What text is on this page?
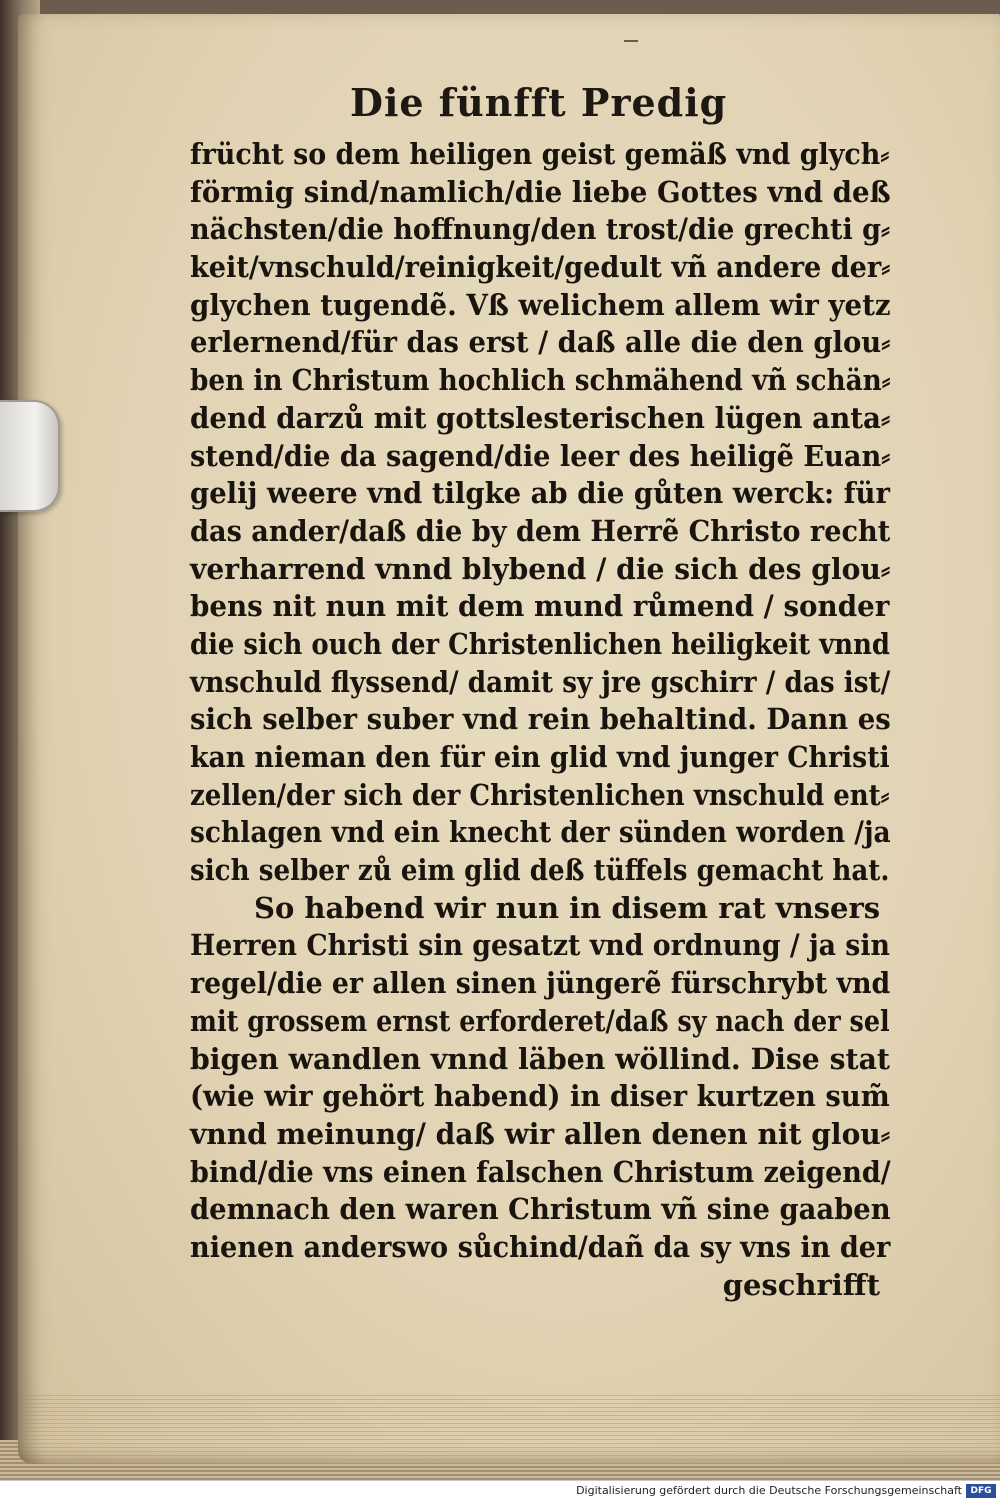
Die fünfft Predig
frücht so dem heiligen geist gemäß vnd glych⸗
förmig sind/namlich/die liebe Gottes vnd deß
nächsten/die hoffnung/den trost/die grechti g⸗
keit/vnschuld/reinigkeit/gedult vñ andere der⸗
glychen tugendẽ. Vß welichem allem wir yetz
erlernend/für das erst / daß alle die den glou⸗
ben in Christum hochlich schmähend vñ schän⸗
dend darzů mit gottslesterischen lügen anta⸗
stend/die da sagend/die leer des heiligẽ Euan⸗
gelij weere vnd tilgke ab die gůten werck: für
das ander/daß die by dem Herrẽ Christo recht
verharrend vnnd blybend / die sich des glou⸗
bens nit nun mit dem mund růmend / sonder
die sich ouch der Christenlichen heiligkeit vnnd
vnschuld flyssend/ damit sy jre gschirr / das ist/
sich selber suber vnd rein behaltind. Dann es
kan nieman den für ein glid vnd junger Christi
zellen/der sich der Christenlichen vnschuld ent⸗
schlagen vnd ein knecht der sünden worden /ja
sich selber zů eim glid deß tüffels gemacht hat.
So habend wir nun in disem rat vnsers
Herren Christi sin gesatzt vnd ordnung / ja sin
regel/die er allen sinen jüngerẽ fürschrybt vnd
mit grossem ernst erforderet/daß sy nach der sel
bigen wandlen vnnd läben wöllind. Dise stat
(wie wir gehört habend) in diser kurtzen sum̃
vnnd meinung/ daß wir allen denen nit glou⸗
bind/die vns einen falschen Christum zeigend/
demnach den waren Christum vñ sine gaaben
nienen anderswo sůchind/dañ da sy vns in der
geschrifft
Digitalisierung gefördert durch die Deutsche Forschungsgemeinschaft DFG
